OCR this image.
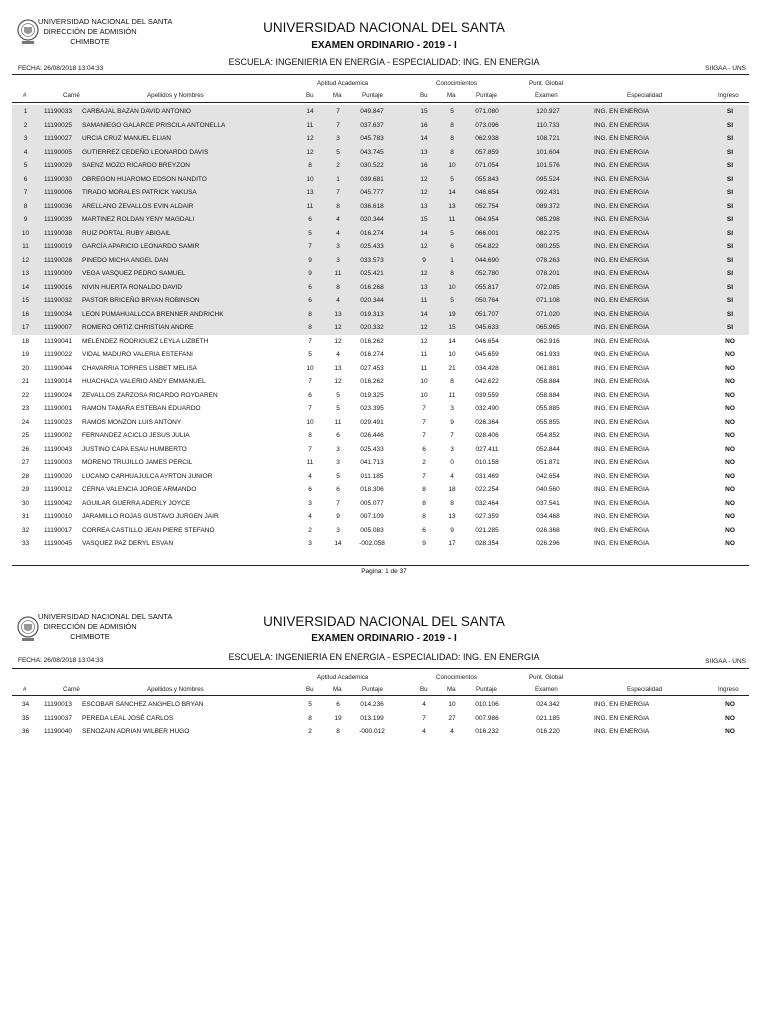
UNIVERSIDAD NACIONAL DEL SANTA
DIRECCIÓN DE ADMISIÓN
CHIMBOTE
UNIVERSIDAD NACIONAL DEL SANTA
EXAMEN ORDINARIO - 2019 - I
FECHA: 26/08/2018 13:04:33
ESCUELA: INGENIERIA EN ENERGIA - ESPECIALIDAD: ING. EN ENERGIA
SIIGAA - UNS
Aptitud Academica	Conocimientos	Punt. Global
#	Carné	Apellidos y Nombres	Bu	Ma	Puntaje	Bu	Ma	Puntaje	Examen	Especialidad	Ingreso
1	11190033 CARBAJAL BAZAN DAVID ANTONIO	14	7	049.847	15	5	071.080	120.927	ING. EN ENERGIA	SI
2	11190025 SAMANIEGO GALARCE PRISCILA ANTONELLA	11	7	037.637	16	8	073.096	110.733	ING. EN ENERGIA	SI
3	11190027 URCIA CRUZ MANUEL ELIAN	12	3	045.783	14	8	062.938	108.721	ING. EN ENERGIA	SI
4	11190005 GUTIERREZ CEDEÑO LEONARDO DAVIS	12	5	043.745	13	8	057.859	101.604	ING. EN ENERGIA	SI
5	11190029 SAENZ MOZO RICARDO BREYZON	8	2	030.522	16	10	071.054	101.576	ING. EN ENERGIA	SI
6	11190030 OBREGON HUAROMO EDSON NANDITO	10	1	039.681	12	5	055.843	095.524	ING. EN ENERGIA	SI
7	11190006 TIRADO MORALES PATRICK YAKUSA	13	7	045.777	12	14	046.654	092.431	ING. EN ENERGIA	SI
8	11190036 ARELLANO ZEVALLOS EVIN ALDAIR	11	8	036.618	13	13	052.754	089.372	ING. EN ENERGIA	SI
9	11190039 MARTINEZ ROLDAN YENY MAGDALI	6	4	020.344	15	11	064.954	085.298	ING. EN ENERGIA	SI
10	11190038 RUIZ PORTAL RUBY ABIGAIL	5	4	016.274	14	5	066.001	082.275	ING. EN ENERGIA	SI
11	11190019 GARCÍA APARICIO LEONARDO SAMIR	7	3	025.433	12	6	054.822	080.255	ING. EN ENERGIA	SI
12	11190028 PINEDO MICHA ANGEL DAN	9	3	033.573	9	1	044.690	078.263	ING. EN ENERGIA	SI
13	11190009 VEGA VASQUEZ PEDRO SAMUEL	9	11	025.421	12	8	052.780	078.201	ING. EN ENERGIA	SI
14	11190016 NIVIN HUERTA RONALDO DAVID	6	8	016.268	13	10	055.817	072.085	ING. EN ENERGIA	SI
15	11190032 PASTOR BRICEÑO BRYAN ROBINSON	6	4	020.344	11	5	050.764	071.108	ING. EN ENERGIA	SI
16	11190034 LEON PUMAHUALLCCA BRENNER ANDRICHK	8	13	019.313	14	19	051.707	071.020	ING. EN ENERGIA	SI
17	11190007 ROMERO ORTIZ CHRISTIAN ANDRE	8	12	020.332	12	15	045.633	065.965	ING. EN ENERGIA	SI
18	11190041 MELENDEZ RODRIGUEZ LEYLA LIZBETH	7	12	016.262	12	14	046.654	062.916	ING. EN ENERGIA	NO
19	11190022 VIDAL MADURO VALERIA ESTEFANI	5	4	016.274	11	10	045.659	061.933	ING. EN ENERGIA	NO
20	11190044 CHAVARRIA TORRES LISBET MELISA	10	13	027.453	11	21	034.428	061.881	ING. EN ENERGIA	NO
21	11190014 HUACHACA VALERIO ANDY EMMANUEL	7	12	016.262	10	8	042.622	058.884	ING. EN ENERGIA	NO
22	11190024 ZEVALLOS ZARZOSA RICARDO ROYDAREN	6	5	019.325	10	11	039.559	058.884	ING. EN ENERGIA	NO
23	11190001 RAMON TAMARA ESTEBAN EDUARDO	7	5	023.395	7	3	032.490	055.885	ING. EN ENERGIA	NO
24	11190023 RAMOS MONZON LUIS ANTONY	10	11	029.491	7	9	026.364	055.855	ING. EN ENERGIA	NO
25	11190002 FERNANDEZ ACICLO JESUS JULIA	8	6	026.446	7	7	028.406	054.852	ING. EN ENERGIA	NO
26	11190043 JUSTINO CAPA ESAU HUMBERTO	7	3	025.433	6	3	027.411	052.844	ING. EN ENERGIA	NO
27	11190003 MORENO TRUJILLO JAMES PERCIL	11	3	041.713	2	0	010.158	051.871	ING. EN ENERGIA	NO
28	11190020 LUCANO CARHUAJULCA AYRTON JUNIOR	4	5	011.185	7	4	031.469	042.654	ING. EN ENERGIA	NO
29	11190012 CERNA VALENCIA JORGE ARMANDO	6	6	018.306	8	18	022.254	040.560	ING. EN ENERGIA	NO
30	11190042 AGUILAR GUERRA ADERLY JOYCE	3	7	005.077	8	8	032.464	037.541	ING. EN ENERGIA	NO
31	11190010 JARAMILLO ROJAS GUSTAVO JURGEN JAIR	4	9	007.109	8	13	027.359	034.468	ING. EN ENERGIA	NO
32	11190017 CORREA CASTILLO JEAN PIERE STEFANO	2	3	005.083	6	9	021.285	026.368	ING. EN ENERGIA	NO
33	11190045 VASQUEZ PAZ DERYL ESVAN	3	14	-002.058	9	17	028.354	026.296	ING. EN ENERGIA	NO
Pagina: 1 de 37
UNIVERSIDAD NACIONAL DEL SANTA
DIRECCIÓN DE ADMISIÓN
CHIMBOTE
UNIVERSIDAD NACIONAL DEL SANTA
EXAMEN ORDINARIO - 2019 - I
FECHA: 26/08/2018 13:04:33	ESCUELA: INGENIERIA EN ENERGIA - ESPECIALIDAD: ING. EN ENERGIA	SIIGAA - UNS
Aptitud Academica	Conocimientos	Punt. Global
#	Carné	Apellidos y Nombres	Bu	Ma	Puntaje	Bu	Ma	Puntaje	Examen	Especialidad	Ingreso
34	11190013 ESCOBAR SANCHEZ ANGHELO BRYAN	5	6	014.236	4	10	010.106	024.342	ING. EN ENERGIA	NO
35	11190037 PEREDA LEAL JOSÉ CARLOS	8	19	013.199	7	27	007.986	021.185	ING. EN ENERGIA	NO
36	11190040 SENOZAIN ADRIAN WILBER HUGO	2	8	-000.012	4	4	016.232	016.220	ING. EN ENERGIA	NO
